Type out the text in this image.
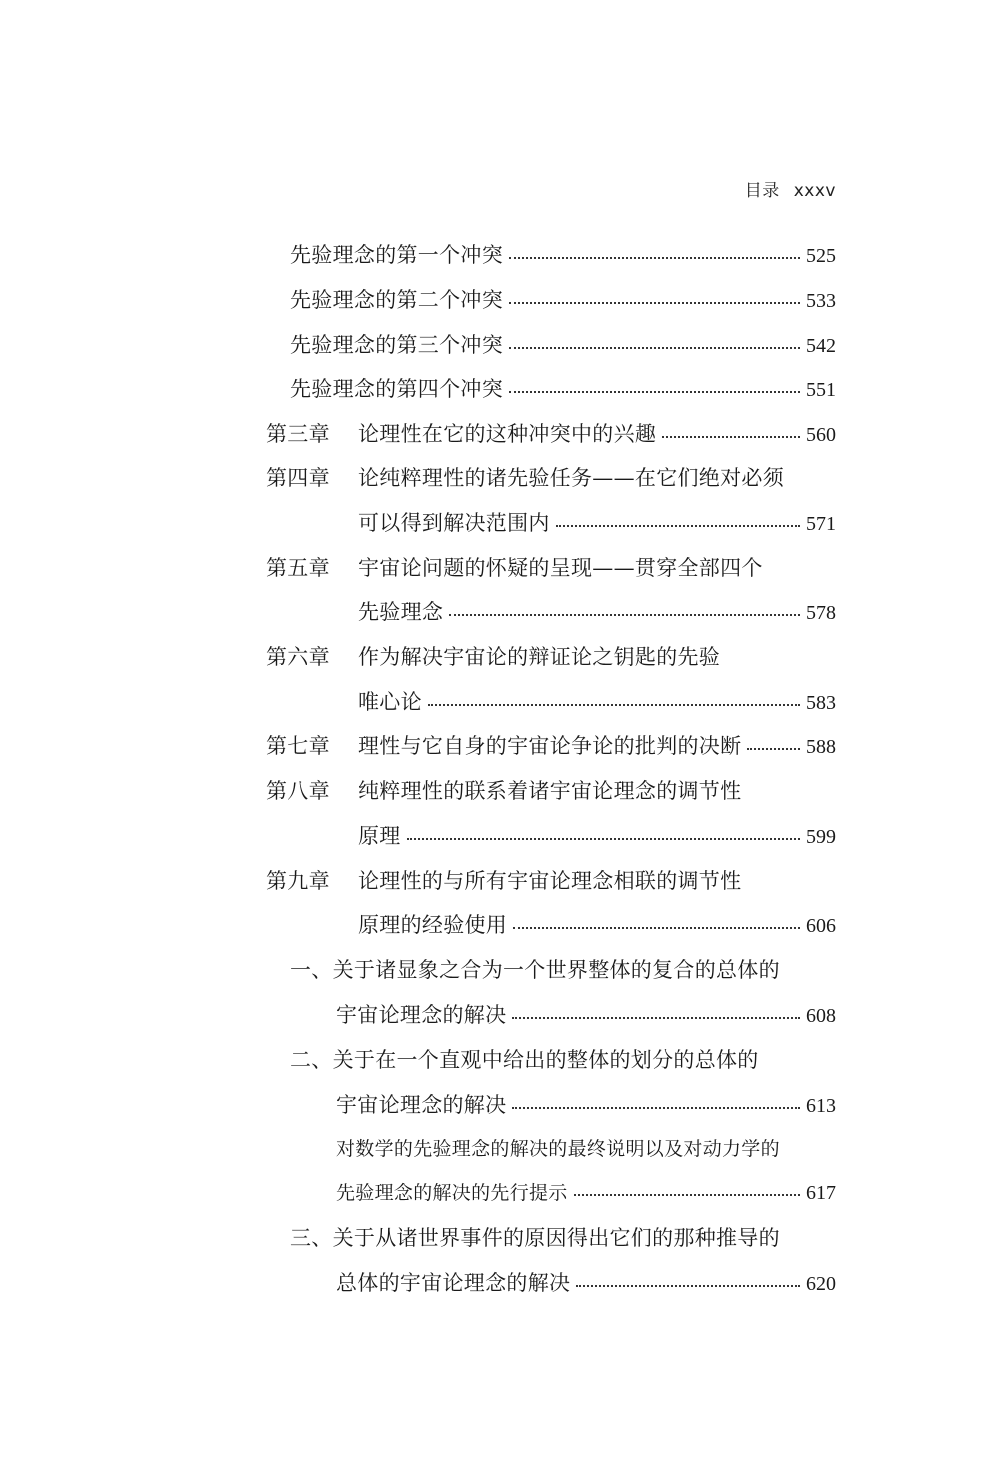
目录 xxxv
先验理念的第一个冲突	525
先验理念的第二个冲突	533
先验理念的第三个冲突	542
先验理念的第四个冲突	551
第三章	论理性在它的这种冲突中的兴趣	560
第四章	论纯粹理性的诸先验任务——在它们绝对必须
可以得到解决范围内	571
第五章	宇宙论问题的怀疑的呈现——贯穿全部四个
先验理念	578
第六章	作为解决宇宙论的辩证论之钥匙的先验
唯心论	583
第七章	理性与它自身的宇宙论争论的批判的决断	588
第八章	纯粹理性的联系着诸宇宙论理念的调节性
原理	599
第九章	论理性的与所有宇宙论理念相联的调节性
原理的经验使用	606
一、关于诸显象之合为一个世界整体的复合的总体的
宇宙论理念的解决	608
二、关于在一个直观中给出的整体的划分的总体的
宇宙论理念的解决	613
对数学的先验理念的解决的最终说明以及对动力学的
先验理念的解决的先行提示	617
三、关于从诸世界事件的原因得出它们的那种推导的
总体的宇宙论理念的解决	620
